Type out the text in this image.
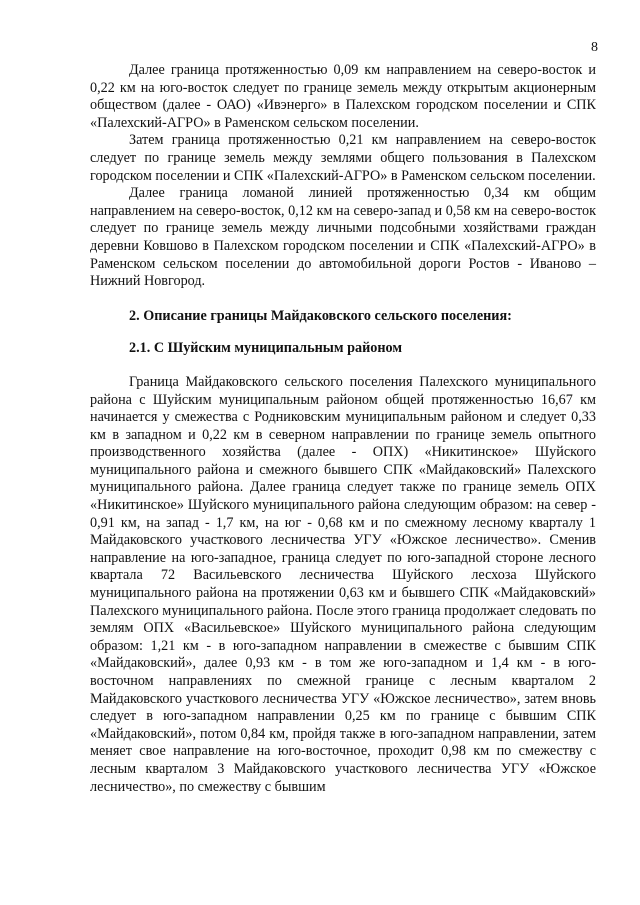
8

Далее граница протяженностью 0,09 км направлением на северо-восток и 0,22 км на юго-восток следует по границе земель между открытым акционерным обществом (далее - ОАО) «Ивэнерго» в Палехском городском поселении и СПК «Палехский-АГРО» в Раменском сельском поселении.

Затем граница протяженностью 0,21 км направлением на северо-восток следует по границе земель между землями общего пользования в Палехском городском поселении и СПК «Палехский-АГРО» в Раменском сельском поселении.

Далее граница ломаной линией протяженностью 0,34 км общим направлением на северо-восток, 0,12 км на северо-запад и 0,58 км на северо-восток следует по границе земель между личными подсобными хозяйствами граждан деревни Ковшово в Палехском городском поселении и СПК «Палехский-АГРО» в Раменском сельском поселении до автомобильной дороги Ростов - Иваново – Нижний Новгород.

2. Описание границы Майдаковского сельского поселения:
2.1. С Шуйским муниципальным районом

Граница Майдаковского сельского поселения Палехского муниципального района с Шуйским муниципальным районом общей протяженностью 16,67 км начинается у смежества с Родниковским муниципальным районом и следует 0,33 км в западном и 0,22 км в северном направлении по границе земель опытного производственного хозяйства (далее - ОПХ) «Никитинское» Шуйского муниципального района и смежного бывшего СПК «Майдаковский» Палехского муниципального района. Далее граница следует также по границе земель ОПХ «Никитинское» Шуйского муниципального района следующим образом: на север - 0,91 км, на запад - 1,7 км, на юг - 0,68 км и по смежному лесному кварталу 1 Майдаковского участкового лесничества УГУ «Южское лесничество». Сменив направление на юго-западное, граница следует по юго-западной стороне лесного квартала 72 Васильевского лесничества Шуйского лесхоза Шуйского муниципального района на протяжении 0,63 км и бывшего СПК «Майдаковский» Палехского муниципального района. После этого граница продолжает следовать по землям ОПХ «Васильевское» Шуйского муниципального района следующим образом: 1,21 км - в юго-западном направлении в смежестве с бывшим СПК «Майдаковский», далее 0,93 км - в том же юго-западном и 1,4 км - в юго-восточном направлениях по смежной границе с лесным кварталом 2 Майдаковского участкового лесничества УГУ «Южское лесничество», затем вновь следует в юго-западном направлении 0,25 км по границе с бывшим СПК «Майдаковский», потом 0,84 км, пройдя также в юго-западном направлении, затем меняет свое направление на юго-восточное, проходит 0,98 км по смежеству с лесным кварталом 3 Майдаковского участкового лесничества УГУ «Южское лесничество», по смежеству с бывшим
